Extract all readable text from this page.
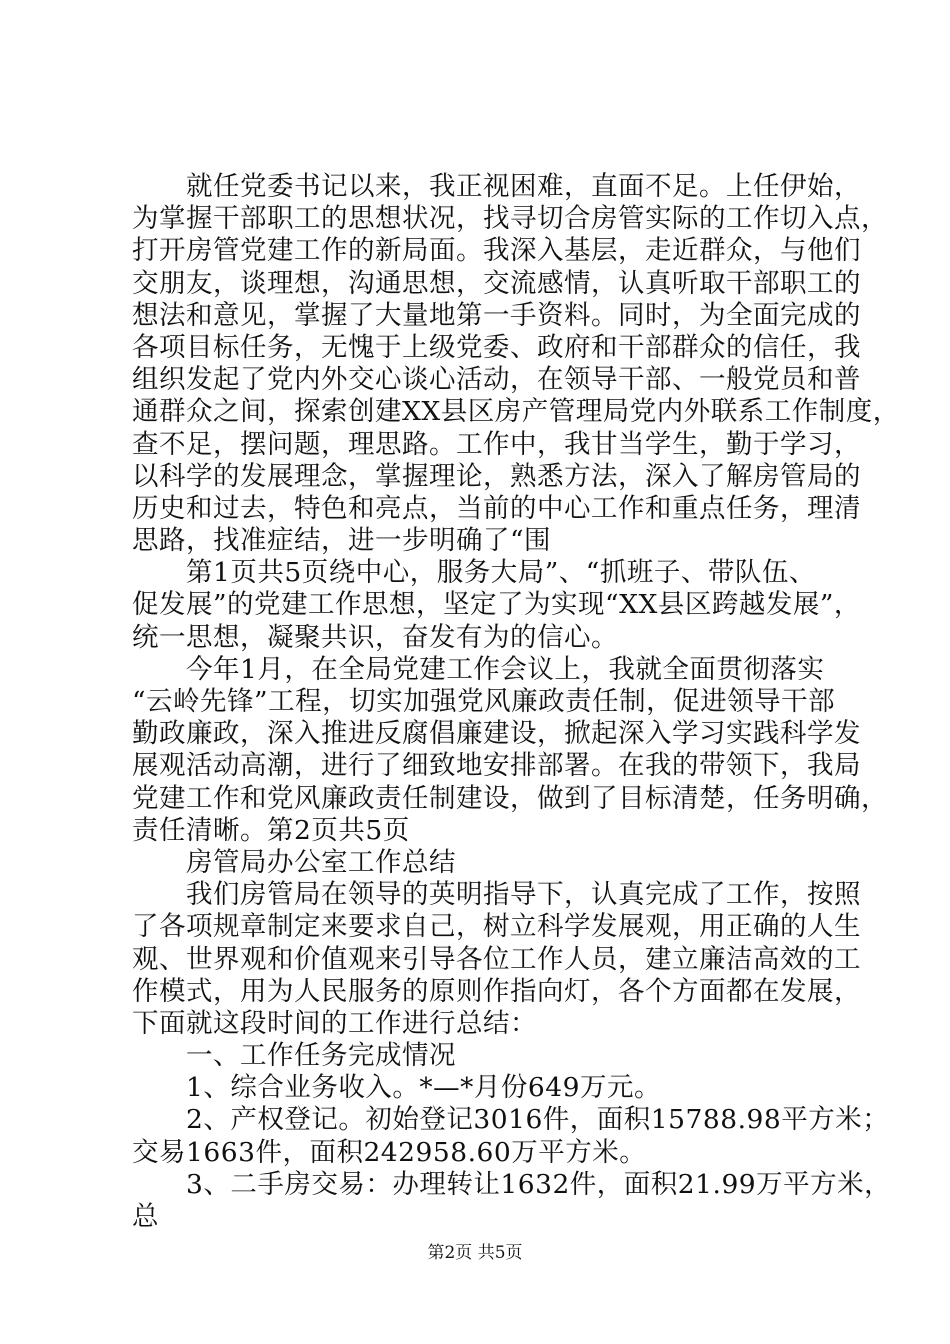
　　就任党委书记以来，我正视困难，直面不足。上任伊始，
为掌握干部职工的思想状况，找寻切合房管实际的工作切入点，
打开房管党建工作的新局面。我深入基层，走近群众，与他们
交朋友，谈理想，沟通思想，交流感情，认真听取干部职工的
想法和意见，掌握了大量地第一手资料。同时，为全面完成的
各项目标任务，无愧于上级党委、政府和干部群众的信任，我
组织发起了党内外交心谈心活动，在领导干部、一般党员和普
通群众之间，探索创建XX县区房产管理局党内外联系工作制度，
查不足，摆问题，理思路。工作中，我甘当学生，勤于学习，
以科学的发展理念，掌握理论，熟悉方法，深入了解房管局的
历史和过去，特色和亮点，当前的中心工作和重点任务，理清
思路，找准症结，进一步明确了“围
　　第1页共5页绕中心，服务大局”、“抓班子、带队伍、
促发展”的党建工作思想，坚定了为实现“XX县区跨越发展”，
统一思想，凝聚共识，奋发有为的信心。
　　今年1月，在全局党建工作会议上，我就全面贯彻落实
“云岭先锋”工程，切实加强党风廉政责任制，促进领导干部
勤政廉政，深入推进反腐倡廉建设，掀起深入学习实践科学发
展观活动高潮，进行了细致地安排部署。在我的带领下，我局
党建工作和党风廉政责任制建设，做到了目标清楚，任务明确，
责任清晰。第2页共5页
　　房管局办公室工作总结
　　我们房管局在领导的英明指导下，认真完成了工作，按照
了各项规章制定来要求自己，树立科学发展观，用正确的人生
观、世界观和价值观来引导各位工作人员，建立廉洁高效的工
作模式，用为人民服务的原则作指向灯，各个方面都在发展，
下面就这段时间的工作进行总结：
　　一、工作任务完成情况
　　1、综合业务收入。*—*月份649万元。
　　2、产权登记。初始登记3016件，面积15788.98平方米；
交易1663件，面积242958.60万平方米。
　　3、二手房交易：办理转让1632件，面积21.99万平方米，
总
第2页 共5页
